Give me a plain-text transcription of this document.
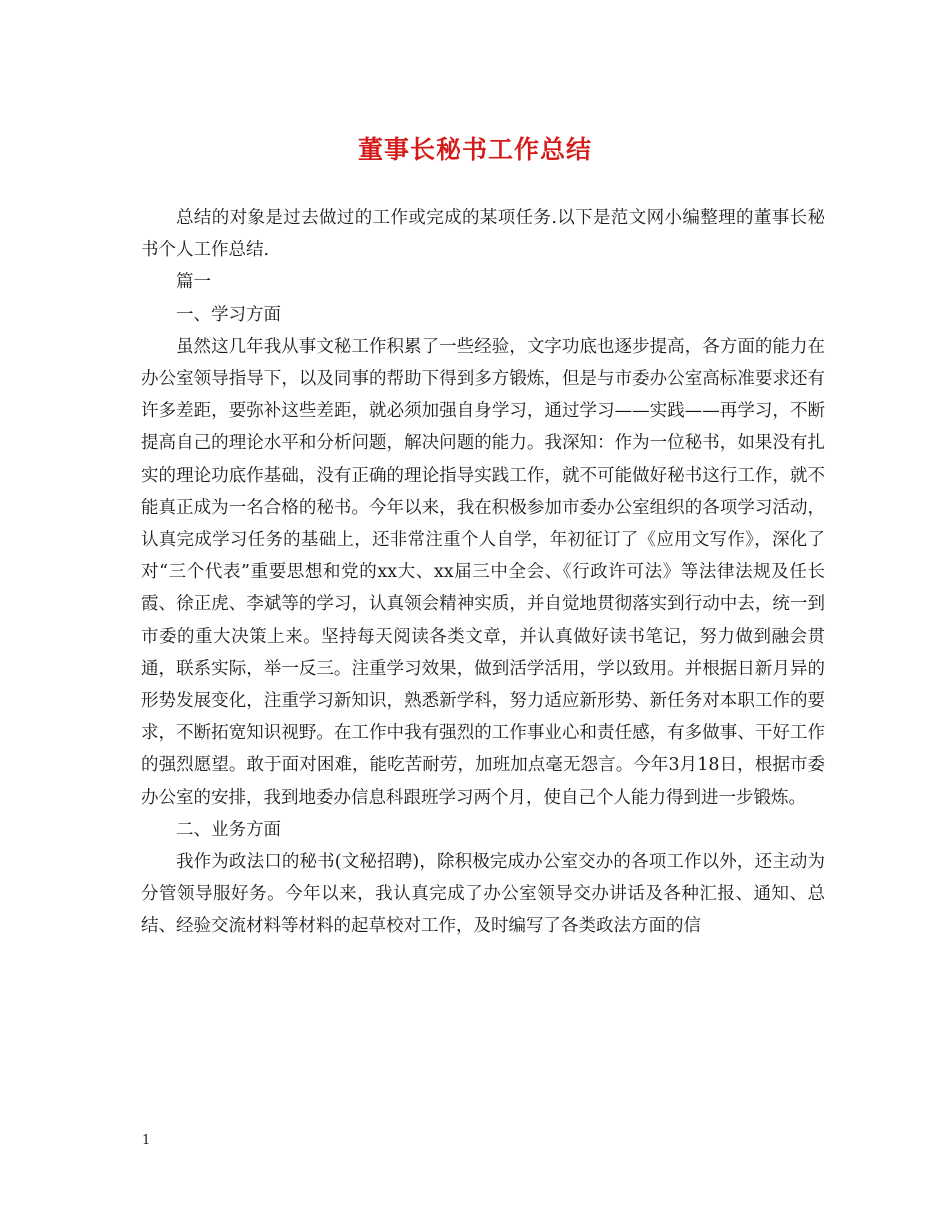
董事长秘书工作总结

总结的对象是过去做过的工作或完成的某项任务.以下是范文网小编整理的董事长秘书个人工作总结.

篇一

一、学习方面

虽然这几年我从事文秘工作积累了一些经验，文字功底也逐步提高，各方面的能力在办公室领导指导下，以及同事的帮助下得到多方锻炼，但是与市委办公室高标准要求还有许多差距，要弥补这些差距，就必须加强自身学习，通过学习——实践——再学习，不断提高自己的理论水平和分析问题，解决问题的能力。我深知：作为一位秘书，如果没有扎实的理论功底作基础，没有正确的理论指导实践工作，就不可能做好秘书这行工作，就不能真正成为一名合格的秘书。今年以来，我在积极参加市委办公室组织的各项学习活动，认真完成学习任务的基础上，还非常注重个人自学，年初征订了《应用文写作》，深化了对“三个代表”重要思想和党的xx大、xx届三中全会、《行政许可法》等法律法规及任长霞、徐正虎、李斌等的学习，认真领会精神实质，并自觉地贯彻落实到行动中去，统一到市委的重大决策上来。坚持每天阅读各类文章，并认真做好读书笔记，努力做到融会贯通，联系实际，举一反三。注重学习效果，做到活学活用，学以致用。并根据日新月异的形势发展变化，注重学习新知识，熟悉新学科，努力适应新形势、新任务对本职工作的要求，不断拓宽知识视野。在工作中我有强烈的工作事业心和责任感，有多做事、干好工作的强烈愿望。敢于面对困难，能吃苦耐劳，加班加点毫无怨言。今年3月18日，根据市委办公室的安排，我到地委办信息科跟班学习两个月，使自己个人能力得到进一步锻炼。

二、业务方面

我作为政法口的秘书(文秘招聘)，除积极完成办公室交办的各项工作以外，还主动为分管领导服好务。今年以来，我认真完成了办公室领导交办讲话及各种汇报、通知、总结、经验交流材料等材料的起草校对工作，及时编写了各类政法方面的信

1
